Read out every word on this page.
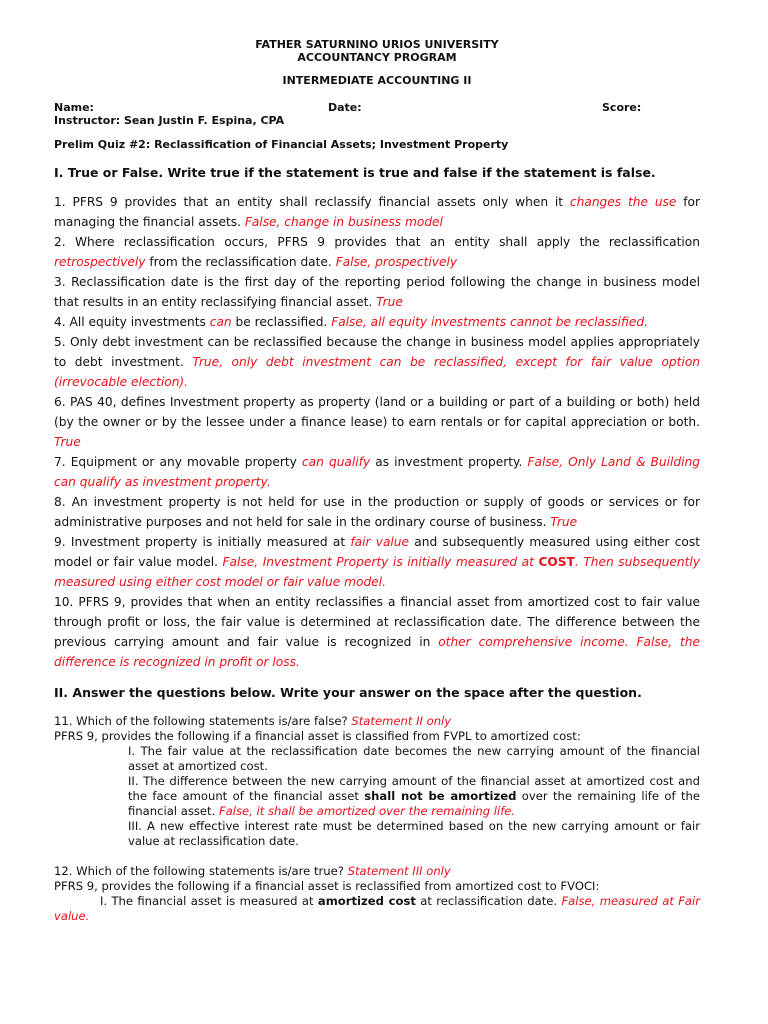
FATHER SATURNINO URIOS UNIVERSITY
ACCOUNTANCY PROGRAM
INTERMEDIATE ACCOUNTING II
Name:	Date:	Score:
Instructor: Sean Justin F. Espina, CPA
Prelim Quiz #2: Reclassification of Financial Assets; Investment Property
I. True or False. Write true if the statement is true and false if the statement is false.

1. PFRS 9 provides that an entity shall reclassify financial assets only when it changes the use for managing the financial assets. False, change in business model

2. Where reclassification occurs, PFRS 9 provides that an entity shall apply the reclassification retrospectively from the reclassification date. False, prospectively

3. Reclassification date is the first day of the reporting period following the change in business model that results in an entity reclassifying financial asset. True

4. All equity investments can be reclassified. False, all equity investments cannot be reclassified.

5. Only debt investment can be reclassified because the change in business model applies appropriately to debt investment. True, only debt investment can be reclassified, except for fair value option (irrevocable election).

6. PAS 40, defines Investment property as property (land or a building or part of a building or both) held (by the owner or by the lessee under a finance lease) to earn rentals or for capital appreciation or both. True

7. Equipment or any movable property can qualify as investment property. False, Only Land & Building can qualify as investment property.

8. An investment property is not held for use in the production or supply of goods or services or for administrative purposes and not held for sale in the ordinary course of business. True

9. Investment property is initially measured at fair value and subsequently measured using either cost model or fair value model. False, Investment Property is initially measured at COST. Then subsequently measured using either cost model or fair value model.

10. PFRS 9, provides that when an entity reclassifies a financial asset from amortized cost to fair value through profit or loss, the fair value is determined at reclassification date. The difference between the previous carrying amount and fair value is recognized in other comprehensive income. False, the difference is recognized in profit or loss.

II. Answer the questions below. Write your answer on the space after the question.

11. Which of the following statements is/are false? Statement II only

PFRS 9, provides the following if a financial asset is classified from FVPL to amortized cost:

I. The fair value at the reclassification date becomes the new carrying amount of the financial asset at amortized cost.

II. The difference between the new carrying amount of the financial asset at amortized cost and the face amount of the financial asset shall not be amortized over the remaining life of the financial asset. False, it shall be amortized over the remaining life.

III. A new effective interest rate must be determined based on the new carrying amount or fair value at reclassification date.

12. Which of the following statements is/are true? Statement III only

PFRS 9, provides the following if a financial asset is reclassified from amortized cost to FVOCI:

I. The financial asset is measured at amortized cost at reclassification date. False, measured at Fair value.
